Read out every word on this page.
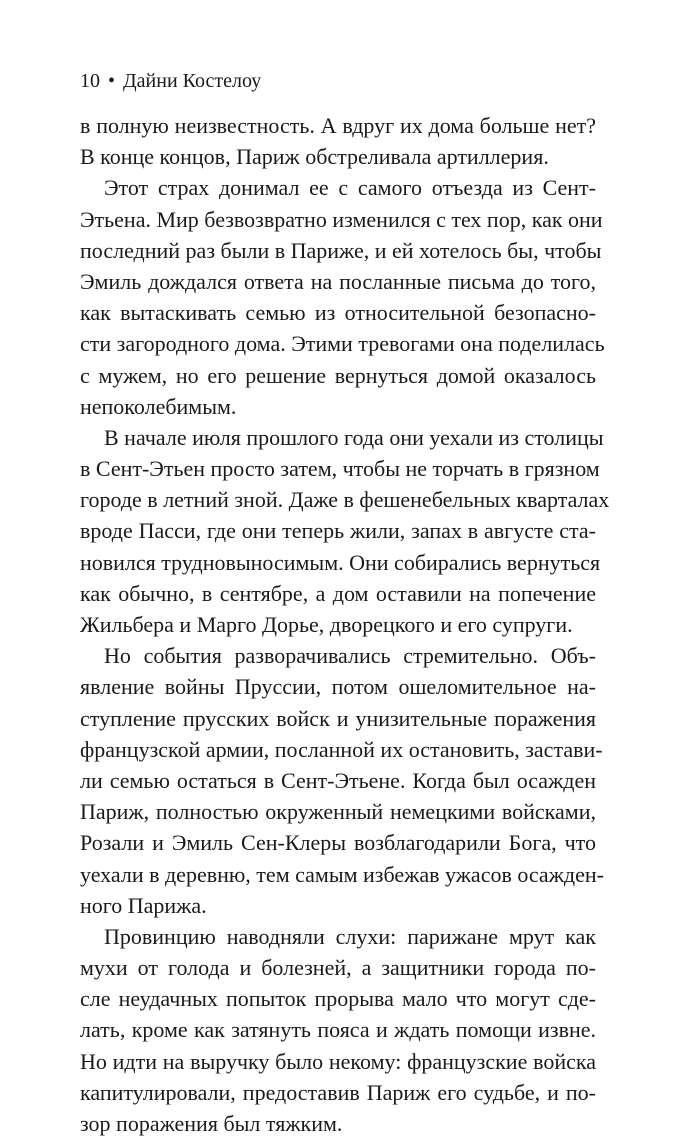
10 • Дайни Костелоу
в полную неизвестность. А вдруг их дома больше нет?
В конце концов, Париж обстреливала артиллерия.
Этот страх донимал ее с самого отъезда из Сент-
Этьена. Мир безвозвратно изменился с тех пор, как они
последний раз были в Париже, и ей хотелось бы, чтобы
Эмиль дождался ответа на посланные письма до того,
как вытаскивать семью из относительной безопасно-
сти загородного дома. Этими тревогами она поделилась
с мужем, но его решение вернуться домой оказалось
непоколебимым.
В начале июля прошлого года они уехали из столицы
в Сент-Этьен просто затем, чтобы не торчать в грязном
городе в летний зной. Даже в фешенебельных кварталах
вроде Пасси, где они теперь жили, запах в августе ста-
новился трудновыносимым. Они собирались вернуться
как обычно, в сентябре, а дом оставили на попечение
Жильбера и Марго Дорье, дворецкого и его супруги.
Но события разворачивались стремительно. Объ-
явление войны Пруссии, потом ошеломительное на-
ступление прусских войск и унизительные поражения
французской армии, посланной их остановить, застави-
ли семью остаться в Сент-Этьене. Когда был осажден
Париж, полностью окруженный немецкими войсками,
Розали и Эмиль Сен-Клеры возблагодарили Бога, что
уехали в деревню, тем самым избежав ужасов осажден-
ного Парижа.
Провинцию наводняли слухи: парижане мрут как
мухи от голода и болезней, а защитники города по-
сле неудачных попыток прорыва мало что могут сде-
лать, кроме как затянуть пояса и ждать помощи извне.
Но идти на выручку было некому: французские войска
капитулировали, предоставив Париж его судьбе, и по-
зор поражения был тяжким.
